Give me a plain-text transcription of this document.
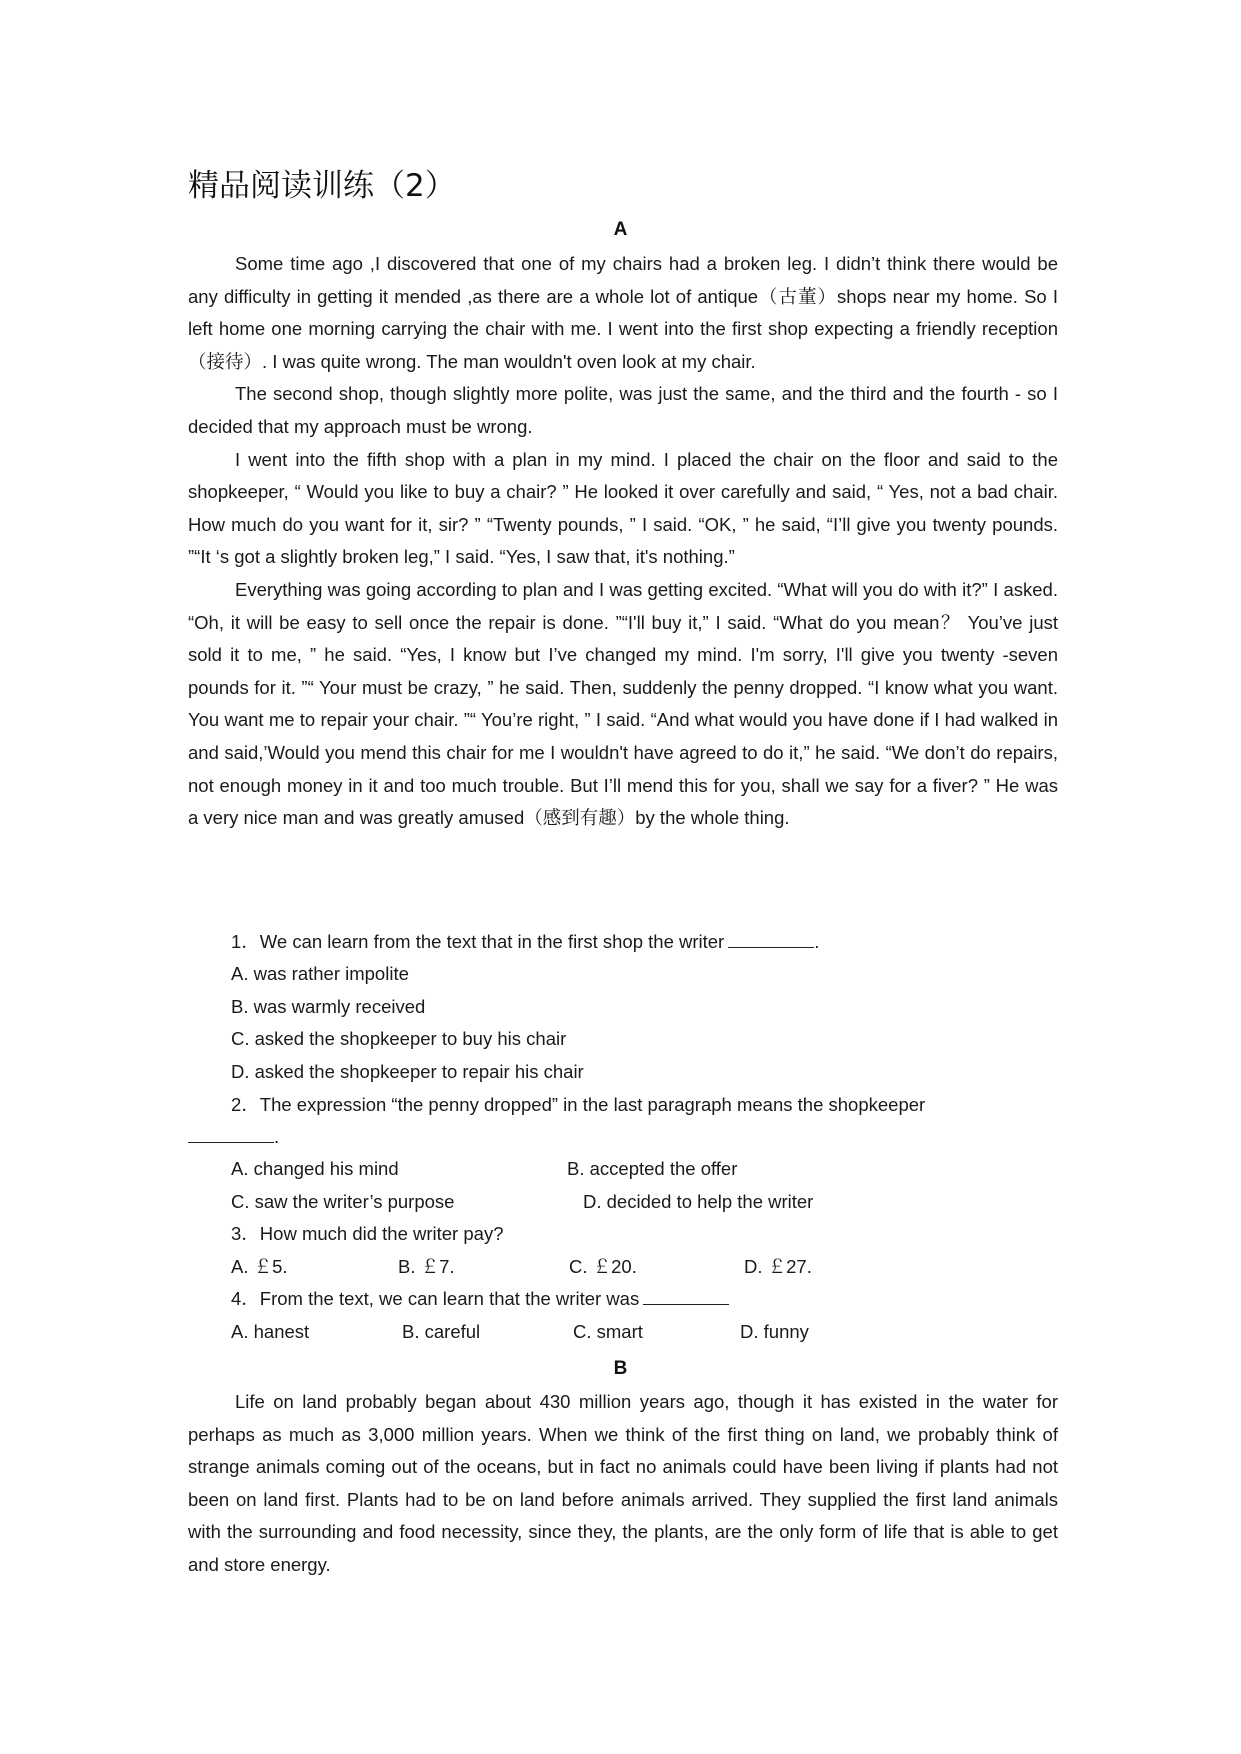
精品阅读训练（2）
A

Some time ago ,I discovered that one of my chairs had a broken leg. I didn’t think there would be any difficulty in getting it mended ,as there are a whole lot of antique（古董）shops near my home. So I left home one morning carrying the chair with me. I went into the first shop expecting a friendly reception（接待）. I was quite wrong. The man wouldn't oven look at my chair.

The second shop, though slightly more polite, was just the same, and the third and the fourth - so I decided that my approach must be wrong.

I went into the fifth shop with a plan in my mind. I placed the chair on the floor and said to the shopkeeper, “ Would you like to buy a chair? ” He looked it over carefully and said, “ Yes, not a bad chair. How much do you want for it, sir? ” “Twenty pounds, ” I said. “OK, ” he said, “I’ll give you twenty pounds. ”“It ‘s got a slightly broken leg,” I said. “Yes, I saw that, it's nothing.”

Everything was going according to plan and I was getting excited. “What will you do with it?” I asked. “Oh, it will be easy to sell once the repair is done. ”“I'll buy it,” I said. “What do you mean？ You’ve just sold it to me, ” he said. “Yes, I know but I’ve changed my mind. I'm sorry, I'll give you twenty -seven pounds for it. ”“ Your must be crazy, ” he said. Then, suddenly the penny dropped. “I know what you want. You want me to repair your chair. ”“ You’re right, ” I said. “And what would you have done if I had walked in and said,’Would you mend this chair for me I wouldn't have agreed to do it,” he said. “We don’t do repairs, not enough money in it and too much trouble. But I’ll mend this for you, shall we say for a fiver? ” He was a very nice man and was greatly amused（感到有趣）by the whole thing.

1．We can learn from the text that in the first shop the writer	.
A. was rather impolite
B. was warmly received
C. asked the shopkeeper to buy his chair
D. asked the shopkeeper to repair his chair
2．The expression “the penny dropped” in the last paragraph means the shopkeeper
.
A. changed his mind	B. accepted the offer
C. saw the writer’s purpose	D. decided to help the writer
3．How much did the writer pay?
A. ￡5.	B. ￡7.	C. ￡20.	D. ￡27.
4．From the text, we can learn that the writer was
A. hanest	B. careful	C. smart	D. funny
B

Life on land probably began about 430 million years ago, though it has existed in the water for perhaps as much as 3,000 million years. When we think of the first thing on land, we probably think of strange animals coming out of the oceans, but in fact no animals could have been living if plants had not been on land first. Plants had to be on land before animals arrived. They supplied the first land animals with the surrounding and food necessity, since they, the plants, are the only form of life that is able to get and store energy.
